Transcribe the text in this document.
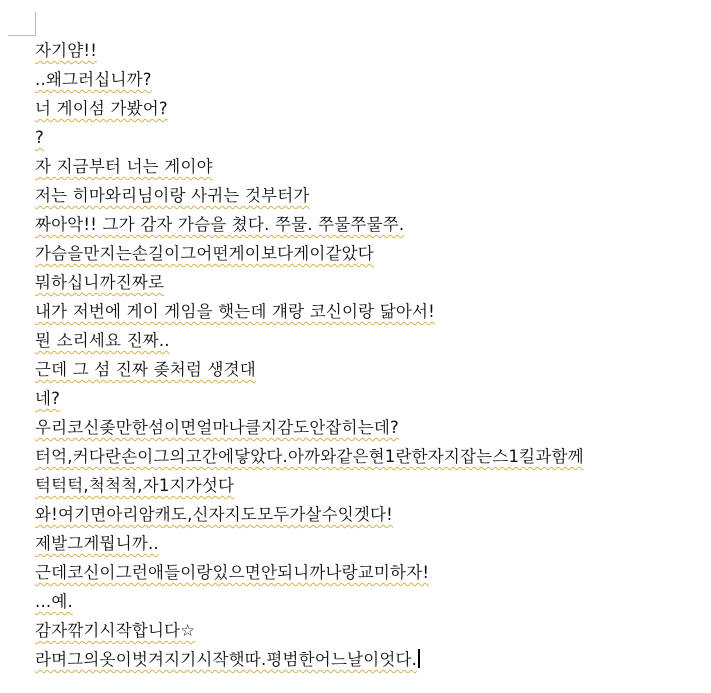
자기얌!!
..왜그러십니까?
너 게이섬 가봤어?
?
자 지금부터 너는 게이야
저는 히마와리님이랑 사귀는 것부터가
짜아악!! 그가 감자 가슴을 쳤다. 쭈물. 쭈물쭈물쭈.
가슴을만지는손길이그어떤게이보다게이같았다
뭐하십니까진짜로
내가 저번에 게이 게임을 햇는데 걔랑 코신이랑 닮아서!
뭔 소리세요 진짜..
근데 그 섬 진짜 좆처럼 생겻대
네?
우리코신좆만한섬이면얼마나클지감도안잡히는데?
터억,커다란손이그의고간에닿았다.아까와같은현1란한자지잡는스1킬과함께
턱턱턱,척척척,자1지가섯다
와!여기면아리암캐도,신자지도모두가살수잇겟다!
제발그게뭡니까..
근데코신이그런애들이랑있으면안되니까나랑교미하자!
...예.
감자깎기시작합니다☆
라며그의옷이벗겨지기시작햇따.평범한어느날이엇다.
